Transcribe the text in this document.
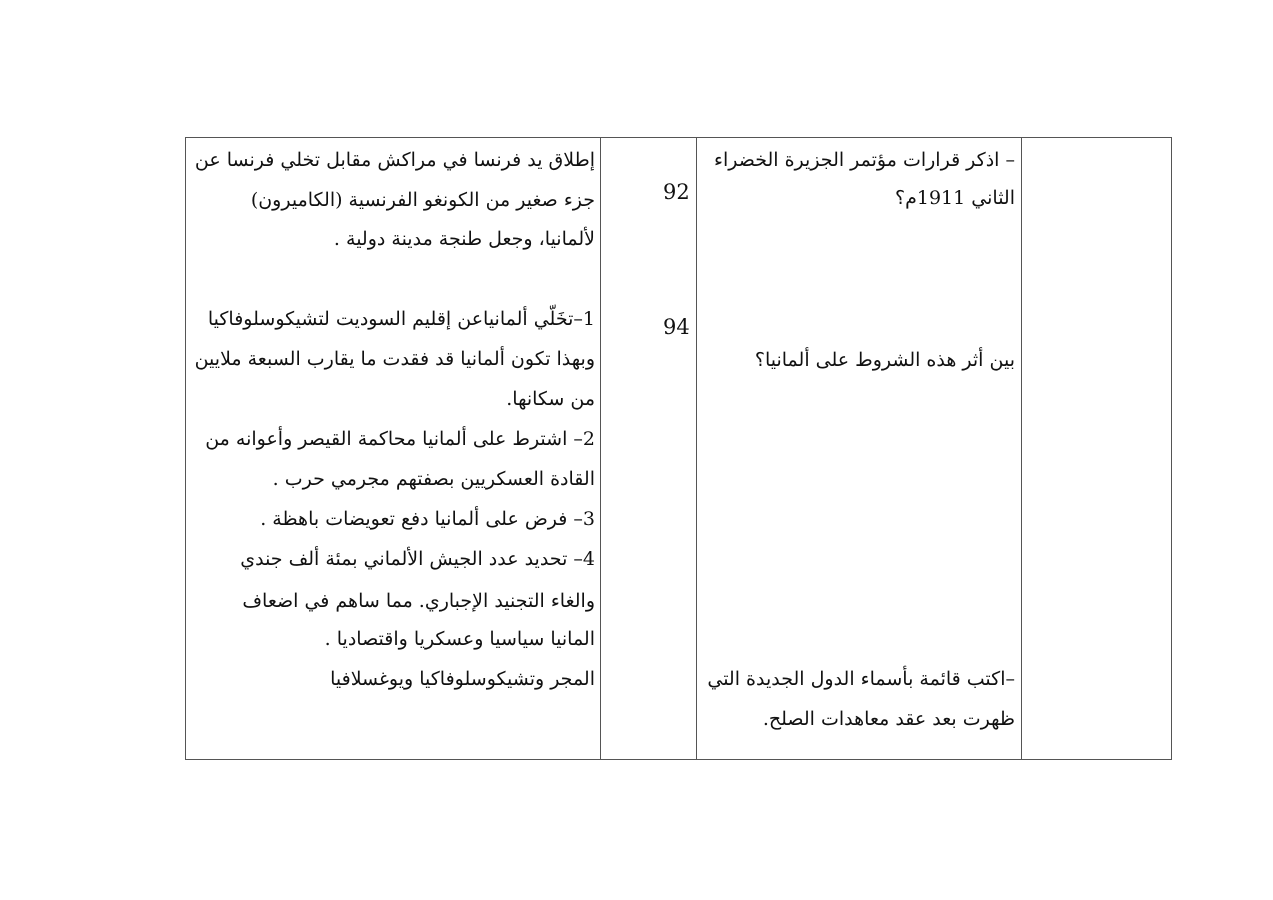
– اذكر قرارات مؤتمر الجزيرة الخضراء
الثاني 1911م؟
92
إطلاق يد فرنسا في مراكش مقابل تخلي فرنسا عن
جزء صغير من الكونغو الفرنسية (الكاميرون)
لألمانيا، وجعل طنجة مدينة دولية .
بين أثر هذه الشروط على ألمانيا؟
94
1–تخَلّي ألمانياعن إقليم السوديت لتشيكوسلوفاكيا
وبهذا تكون ألمانيا قد فقدت ما يقارب السبعة ملايين
من سكانها.
2– اشترط على ألمانيا محاكمة القيصر وأعوانه من
القادة العسكريين بصفتهم مجرمي حرب .
3– فرض على ألمانيا دفع تعويضات باهظة .
4– تحديد عدد الجيش الألماني بمئة ألف جندي
والغاء التجنيد الإجباري. مما ساهم في اضعاف
المانيا سياسيا وعسكريا واقتصاديا .
المجر وتشيكوسلوفاكيا ويوغسلافيا	–اكتب قائمة بأسماء الدول الجديدة التي
ظهرت بعد عقد معاهدات الصلح.
